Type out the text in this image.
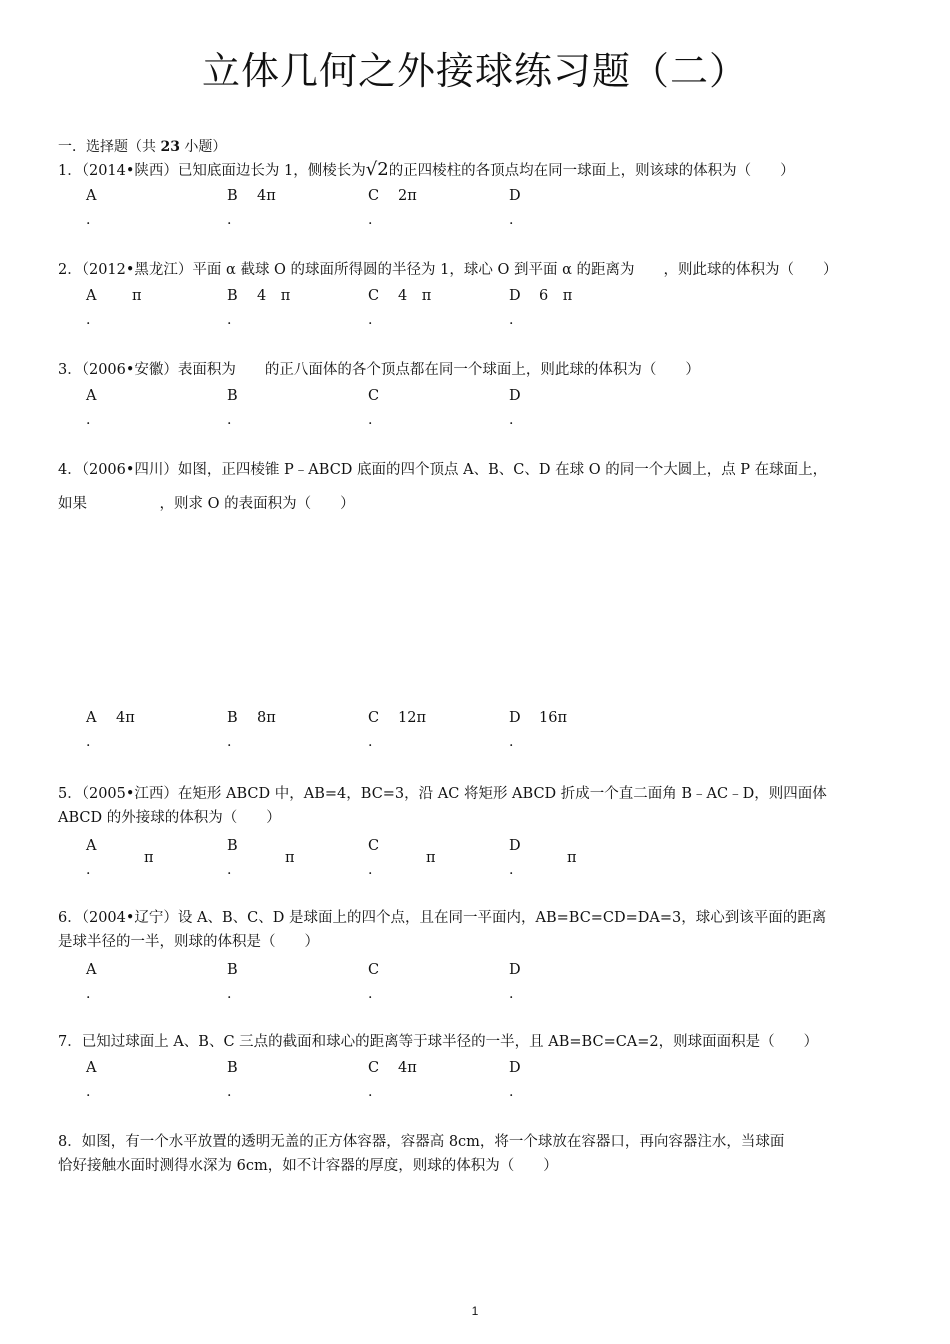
立体几何之外接球练习题（二）
一．选择题（共 23 小题）
1．（2014•陕西）已知底面边长为 1，侧棱长为√2的正四棱柱的各顶点均在同一球面上，则该球的体积为（　　）
A
.
B 4π
.
C 2π
.
D
.
2．（2012•黑龙江）平面 α 截球 O 的球面所得圆的半径为 1，球心 O 到平面 α 的距离为　　，则此球的体积为（　　）
A π
.
B 4　π
.
C 4　π
.
D 6　π
.
3．（2006•安徽）表面积为　　的正八面体的各个顶点都在同一个球面上，则此球的体积为（　　）
A
.
B
.
C
.
D
.
4．（2006•四川）如图，正四棱锥 P﹣ABCD 底面的四个顶点 A、B、C、D 在球 O 的同一个大圆上，点 P 在球面上，
如果　　　　　，则求 O 的表面积为（　　）
A 4π
.
B 8π
.
C 12π
.
D 16π
.
5．（2005•江西）在矩形 ABCD 中，AB=4，BC=3，沿 AC 将矩形 ABCD 折成一个直二面角 B﹣AC﹣D，则四面体
ABCD 的外接球的体积为（　　）
A
π
.
B
π
.
C
π
.
D
π
.
6．（2004•辽宁）设 A、B、C、D 是球面上的四个点，且在同一平面内，AB=BC=CD=DA=3，球心到该平面的距离
是球半径的一半，则球的体积是（　　）
A
.
B
.
C
.
D
.
7．已知过球面上 A、B、C 三点的截面和球心的距离等于球半径的一半，且 AB=BC=CA=2，则球面面积是（　　）
A
.
B
.
C 4π
.
D
.
8．如图，有一个水平放置的透明无盖的正方体容器，容器高 8cm，将一个球放在容器口，再向容器注水，当球面
恰好接触水面时测得水深为 6cm，如不计容器的厚度，则球的体积为（　　）
1
